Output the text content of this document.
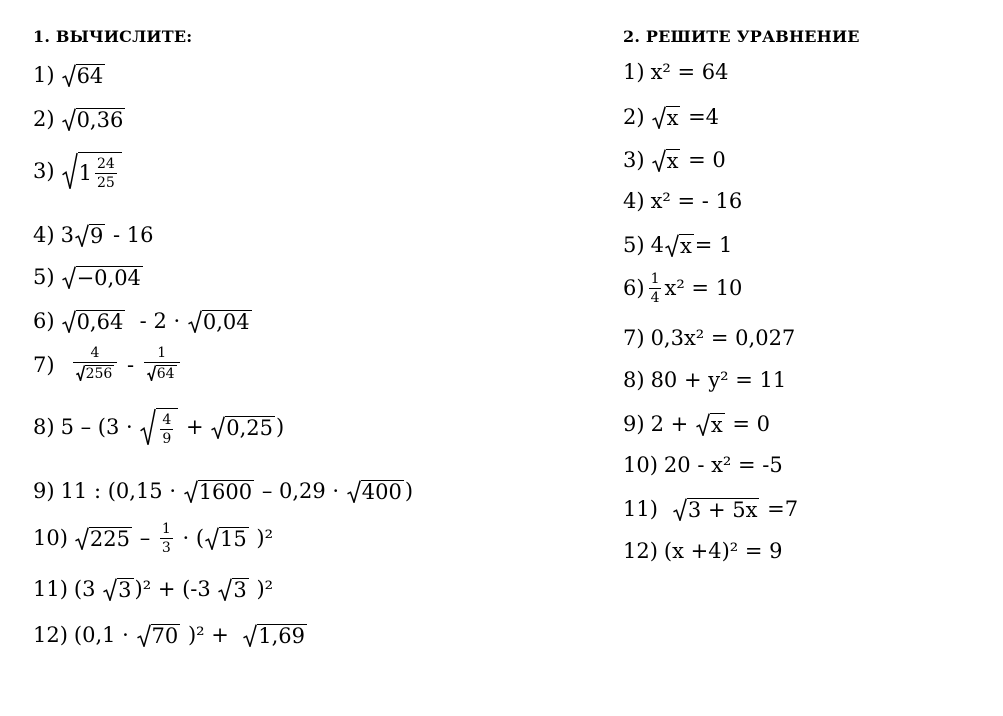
1. ВЫЧИСЛИТЕ:
1) 64
2) 0,36
3) $1 \frac{24}{25}$
4) 3 9 - 16
5) −0,04
6) 0,64 - 2 · 0,04
$7) \frac{4}{256} - \frac{1}{64}$
8) $5 - (3 \cdot \frac{4}{9} + 0,25$ )
9) 11 : (0,15 · 1600 – 0,29 · 400 )
10) $225 - \frac{1}{3}$ · ( 15 )²
11) (3 3 )² + (-3 3 )²
12) (0,1 · 70 )² + 1,69
2. РЕШИТЕ УРАВНЕНИЕ
1) x² = 64
2) x =4
3) x = 0
4) x² = - 16
5) 4 x = 1
$6) \frac{1}{4} x^2 = 10$
7) 0,3x² = 0,027
8) 80 + y² = 11
9) 2 + x = 0
10) 20 - x² = -5
11) 3 + 5x =7
12) (x +4)² = 9
